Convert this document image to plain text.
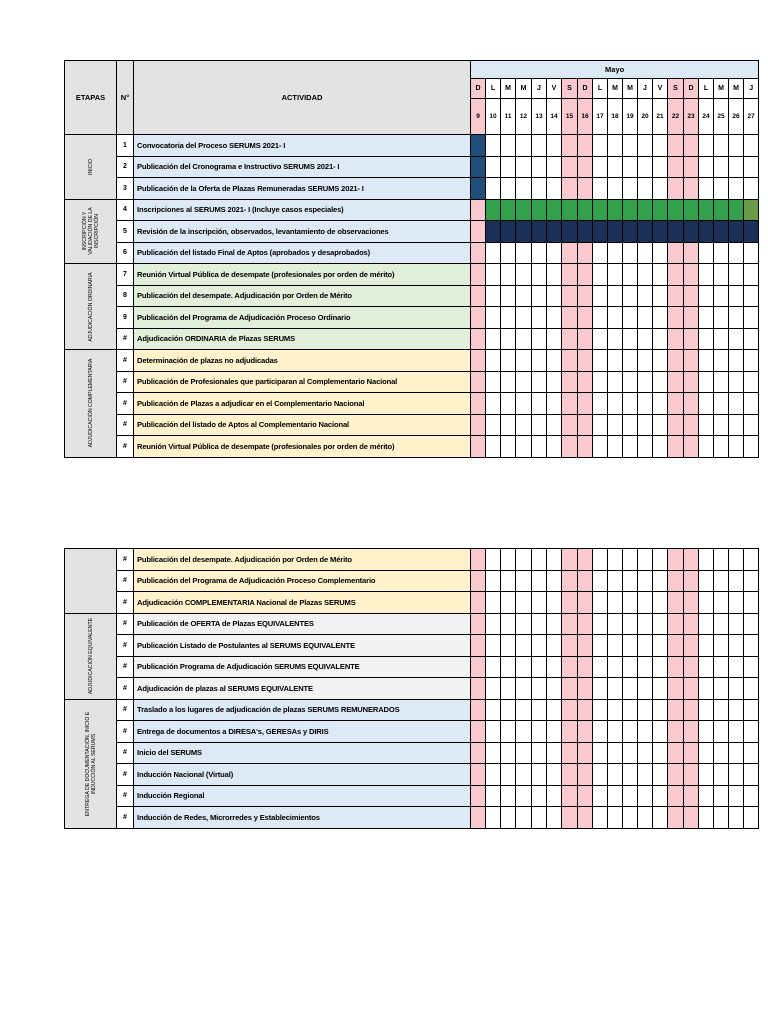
ETAPAS	N°	ACTIVIDAD	Mayo																		
			D	L	M	M	J	V	S	D	L	M	M	J	V	S	D	L	M	M	J
			9	10	11	12	13	14	15	16	17	18	19	20	21	22	23	24	25	26	27

INICIO	1	Convocatoria del Proceso SERUMS 2021- I																			
	2	Publicación del Cronograma e Instructivo SERUMS 2021- I																			
	3	Publicación de la Oferta de Plazas Remuneradas SERUMS 2021- I																			

INSCRIPCIÓN Y VALIDACIÓN DE LA INSCRIPCIÓN	4	Inscripciones al SERUMS 2021- I (Incluye casos especiales)																			
	5	Revisión de la inscripción, observados, levantamiento de observaciones																			
	6	Publicación del listado Final de Aptos (aprobados y desaprobados)																			

ADJUDICACIÓN ORDINARIA	7	Reunión Virtual Pública de desempate (profesionales por orden de mérito)																			
	8	Publicación del desempate. Adjudicación por Orden de Mérito																			
	9	Publicación del Programa de Adjudicación Proceso Ordinario																			
	#	Adjudicación ORDINARIA de Plazas SERUMS																			

ADJUDICACIÓN COMPLEMENTARIA	#	Determinación de plazas no adjudicadas																			
	#	Publicación de Profesionales que participaran al Complementario Nacional																			
	#	Publicación de Plazas a adjudicar en el Complementario Nacional																			
	#	Publicación del listado de Aptos al Complementario Nacional																			
	#	Reunión Virtual Pública de desempate (profesionales por orden de mérito)																			
	#	Publicación del desempate. Adjudicación por Orden de Mérito																			
	#	Publicación del Programa de Adjudicación Proceso Complementario																			
	#	Adjudicación COMPLEMENTARIA Nacional de Plazas SERUMS																			

ADJUDICACIÓN EQUIVALENTE	#	Publicación de OFERTA de Plazas EQUIVALENTES																			
	#	Publicación Listado de Postulantes al SERUMS EQUIVALENTE																			
	#	Publicación Programa de Adjudicación SERUMS EQUIVALENTE																			
	#	Adjudicación de plazas al SERUMS EQUIVALENTE																			

ENTREGA DE DOCUMENTACIÓN, INICIO E INDUCCIÓN AL SERUMS	#	Traslado a los lugares de adjudicación de plazas SERUMS REMUNERADOS																			
	#	Entrega de documentos a DIRESA's, GERESAs y DIRIS																			
	#	Inicio del SERUMS																			
	#	Inducción Nacional (Virtual)																			
	#	Inducción Regional																			
	#	Inducción de Redes, Microrredes y Establecimientos																			
